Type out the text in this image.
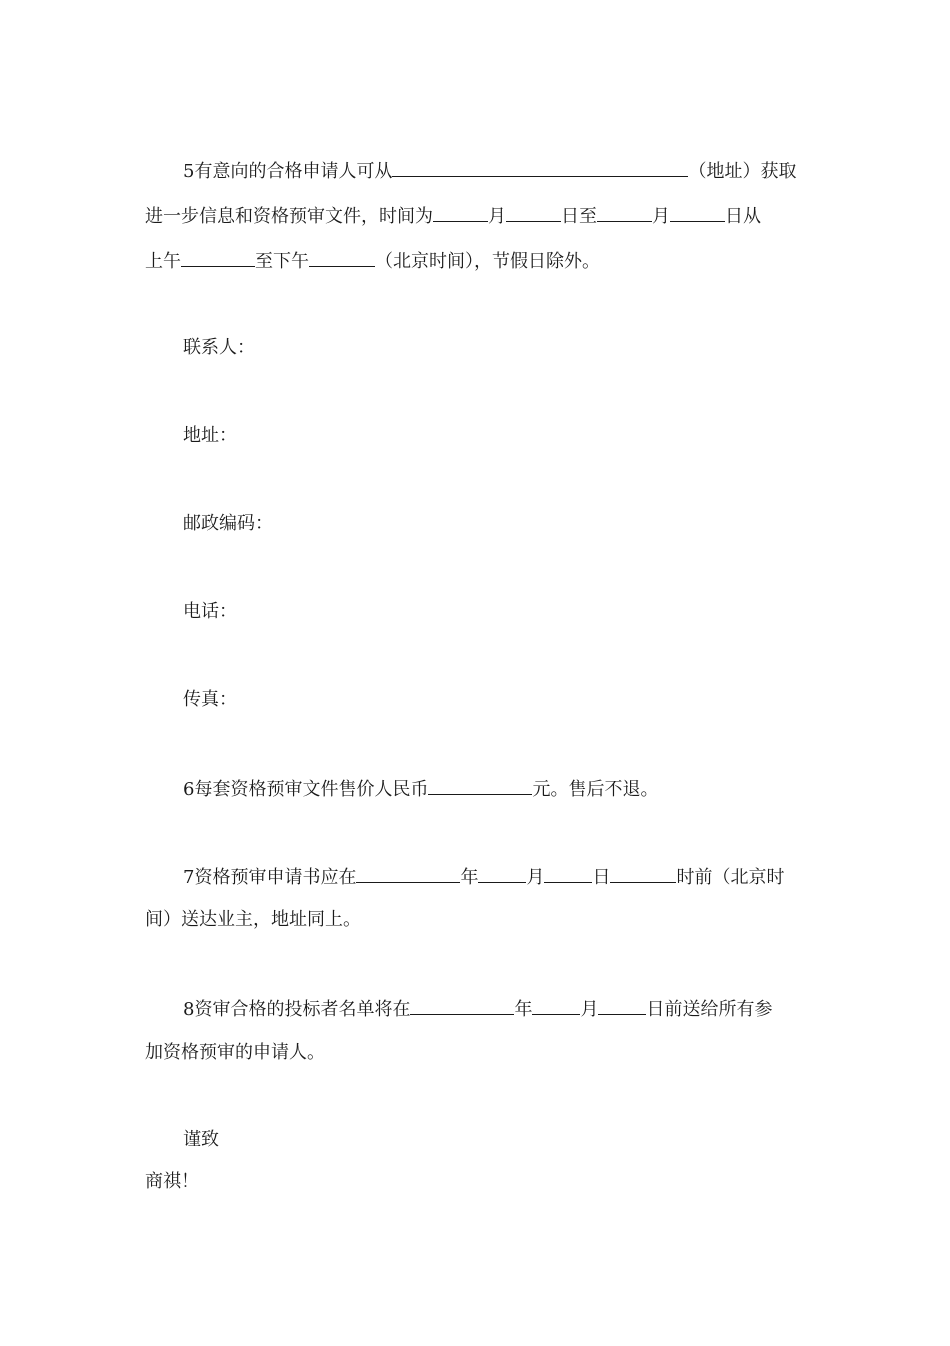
5有意向的合格申请人可从	（地址）获取
进一步信息和资格预审文件，时间为	月	日至	月	日从
上午	至下午	（北京时间），节假日除外。
联系人：
地址：
邮政编码：
电话：
传真：
6每套资格预审文件售价人民币	元。售后不退。
7资格预审申请书应在	年	月	日	时前（北京时
间）送达业主，地址同上。
8资审合格的投标者名单将在	年	月	日前送给所有参
加资格预审的申请人。
谨致
商祺！
